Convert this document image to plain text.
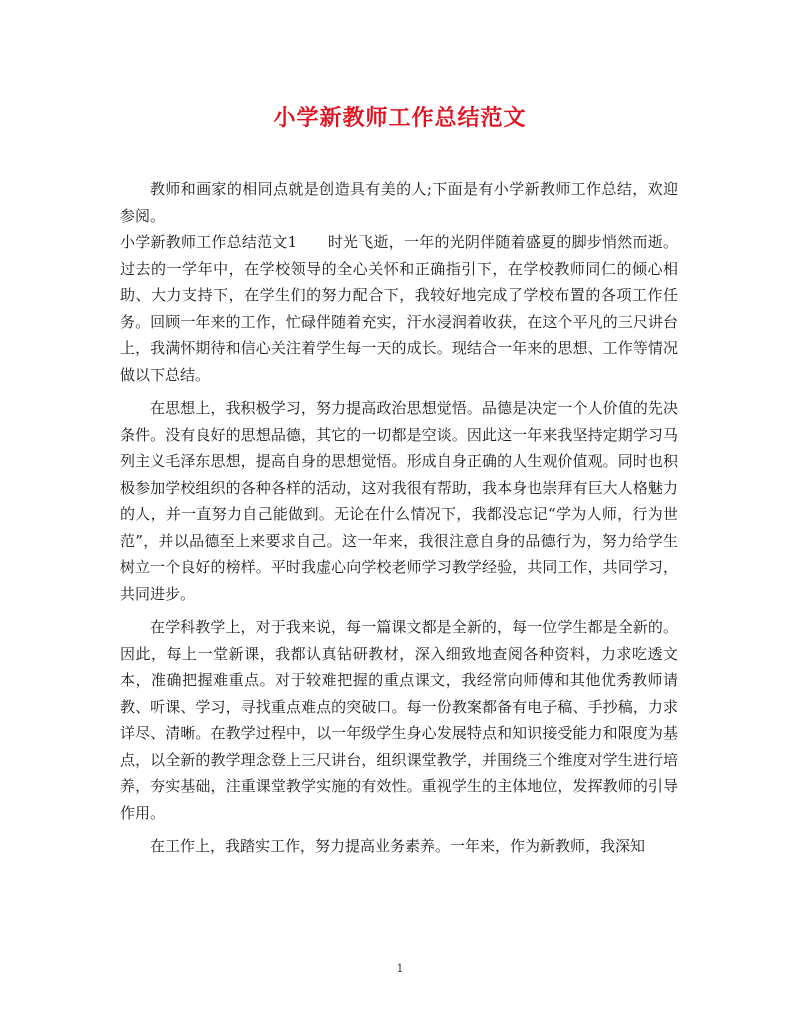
小学新教师工作总结范文

教师和画家的相同点就是创造具有美的人;下面是有小学新教师工作总结，欢迎参阅。

小学新教师工作总结范文1　　时光飞逝，一年的光阴伴随着盛夏的脚步悄然而逝。过去的一学年中，在学校领导的全心关怀和正确指引下，在学校教师同仁的倾心相助、大力支持下，在学生们的努力配合下，我较好地完成了学校布置的各项工作任务。回顾一年来的工作，忙碌伴随着充实，汗水浸润着收获，在这个平凡的三尺讲台上，我满怀期待和信心关注着学生每一天的成长。现结合一年来的思想、工作等情况做以下总结。

在思想上，我积极学习，努力提高政治思想觉悟。品德是决定一个人价值的先决条件。没有良好的思想品德，其它的一切都是空谈。因此这一年来我坚持定期学习马列主义毛泽东思想，提高自身的思想觉悟。形成自身正确的人生观价值观。同时也积极参加学校组织的各种各样的活动，这对我很有帮助，我本身也崇拜有巨大人格魅力的人，并一直努力自己能做到。无论在什么情况下，我都没忘记“学为人师，行为世范”，并以品德至上来要求自己。这一年来，我很注意自身的品德行为，努力给学生树立一个良好的榜样。平时我虚心向学校老师学习教学经验，共同工作，共同学习，共同进步。

在学科教学上，对于我来说，每一篇课文都是全新的，每一位学生都是全新的。因此，每上一堂新课，我都认真钻研教材，深入细致地查阅各种资料，力求吃透文本，准确把握难重点。对于较难把握的重点课文，我经常向师傅和其他优秀教师请教、听课、学习，寻找重点难点的突破口。每一份教案都备有电子稿、手抄稿，力求详尽、清晰。在教学过程中，以一年级学生身心发展特点和知识接受能力和限度为基点，以全新的教学理念登上三尺讲台，组织课堂教学，并围绕三个维度对学生进行培养，夯实基础，注重课堂教学实施的有效性。重视学生的主体地位，发挥教师的引导作用。

在工作上，我踏实工作，努力提高业务素养。一年来，作为新教师，我深知

1
